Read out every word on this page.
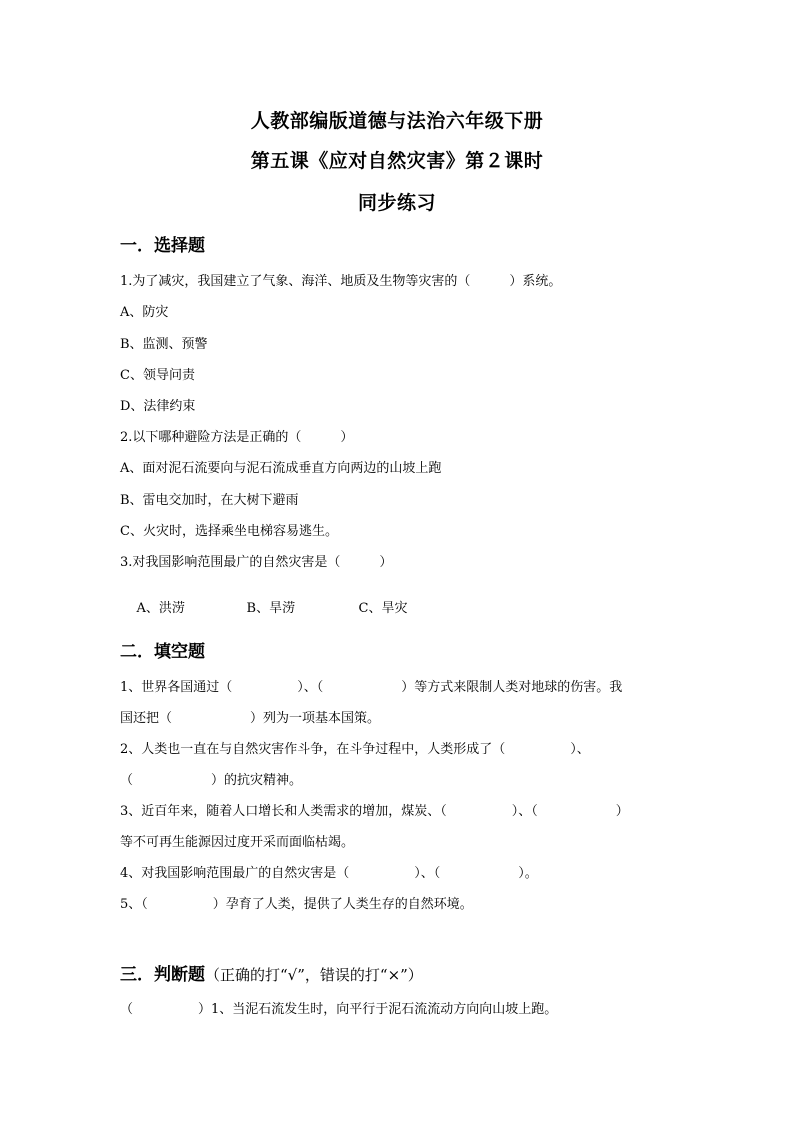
人教部编版道德与法治六年级下册
第五课《应对自然灾害》第２课时
同步练习
一．选择题
1.为了减灾，我国建立了气象、海洋、地质及生物等灾害的（　　　）系统。
A、防灾
B、监测、预警
C、领导问责
D、法律约束
2.以下哪种避险方法是正确的（　　　）
A、面对泥石流要向与泥石流成垂直方向两边的山坡上跑
B、雷电交加时，在大树下避雨
C、火灾时，选择乘坐电梯容易逃生。
3.对我国影响范围最广的自然灾害是（　　　）

A、洪涝	B、旱涝	C、旱灾

二．填空题
1、世界各国通过（　　　　　）、（　　　　　　）等方式来限制人类对地球的伤害。我
国还把（　　　　　　）列为一项基本国策。
2、人类也一直在与自然灾害作斗争，在斗争过程中，人类形成了（　　　　　）、
（　　　　　　）的抗灾精神。
3、近百年来，随着人口增长和人类需求的增加，煤炭、（　　　　　）、（　　　　　　）
等不可再生能源因过度开采而面临枯竭。
4、对我国影响范围最广的自然灾害是（　　　　　）、（　　　　　　）。
5、（　　　　　）孕育了人类，提供了人类生存的自然环境。
三．判断题（正确的打“√”，错误的打“×”）
（　　　　　）1、当泥石流发生时，向平行于泥石流流动方向向山坡上跑。
